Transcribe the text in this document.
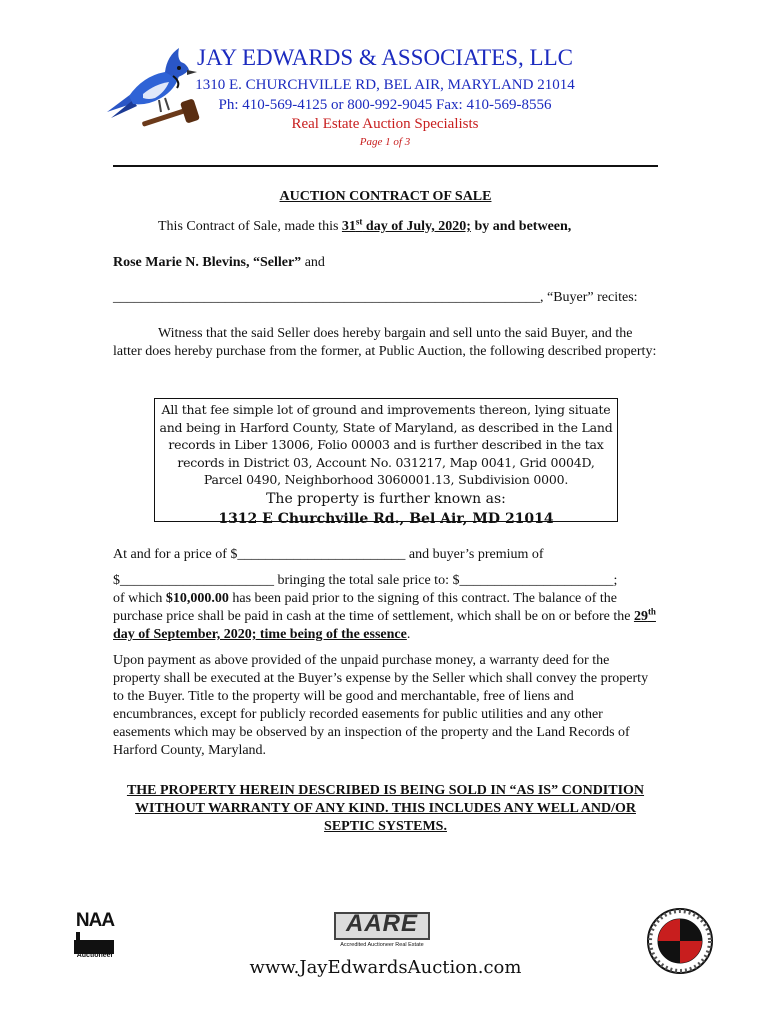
JAY EDWARDS & ASSOCIATES, LLC
1310 E. CHURCHVILLE RD, BEL AIR, MARYLAND 21014
Ph: 410-569-4125 or 800-992-9045 Fax: 410-569-8556
Real Estate Auction Specialists
Page 1 of 3
AUCTION CONTRACT OF SALE
This Contract of Sale, made this 31st day of July, 2020; by and between,
Rose Marie N. Blevins, “Seller” and
_____________________________________________________________, “Buyer” recites:
Witness that the said Seller does hereby bargain and sell unto the said Buyer, and the latter does hereby purchase from the former, at Public Auction, the following described property:
All that fee simple lot of ground and improvements thereon, lying situate and being in Harford County, State of Maryland, as described in the Land records in Liber 13006, Folio 00003 and is further described in the tax records in District 03, Account No. 031217, Map 0041, Grid 0004D, Parcel 0490, Neighborhood 3060001.13, Subdivision 0000.
The property is further known as:
1312 E Churchville Rd., Bel Air, MD 21014
At and for a price of $________________________ and buyer’s premium of
$______________________ bringing the total sale price to: $______________________;
of which $10,000.00 has been paid prior to the signing of this contract. The balance of the purchase price shall be paid in cash at the time of settlement, which shall be on or before the 29th day of September, 2020; time being of the essence.
Upon payment as above provided of the unpaid purchase money, a warranty deed for the property shall be executed at the Buyer’s expense by the Seller which shall convey the property to the Buyer. Title to the property will be good and merchantable, free of liens and encumbrances, except for publicly recorded easements for public utilities and any other easements which may be observed by an inspection of the property and the Land Records of Harford County, Maryland.
THE PROPERTY HEREIN DESCRIBED IS BEING SOLD IN “AS IS” CONDITION WITHOUT WARRANTY OF ANY KIND. THIS INCLUDES ANY WELL AND/OR SEPTIC SYSTEMS.
NAA
Auctioneer
AARE
Accredited Auctioneer Real Estate
www.JayEdwardsAuction.com
